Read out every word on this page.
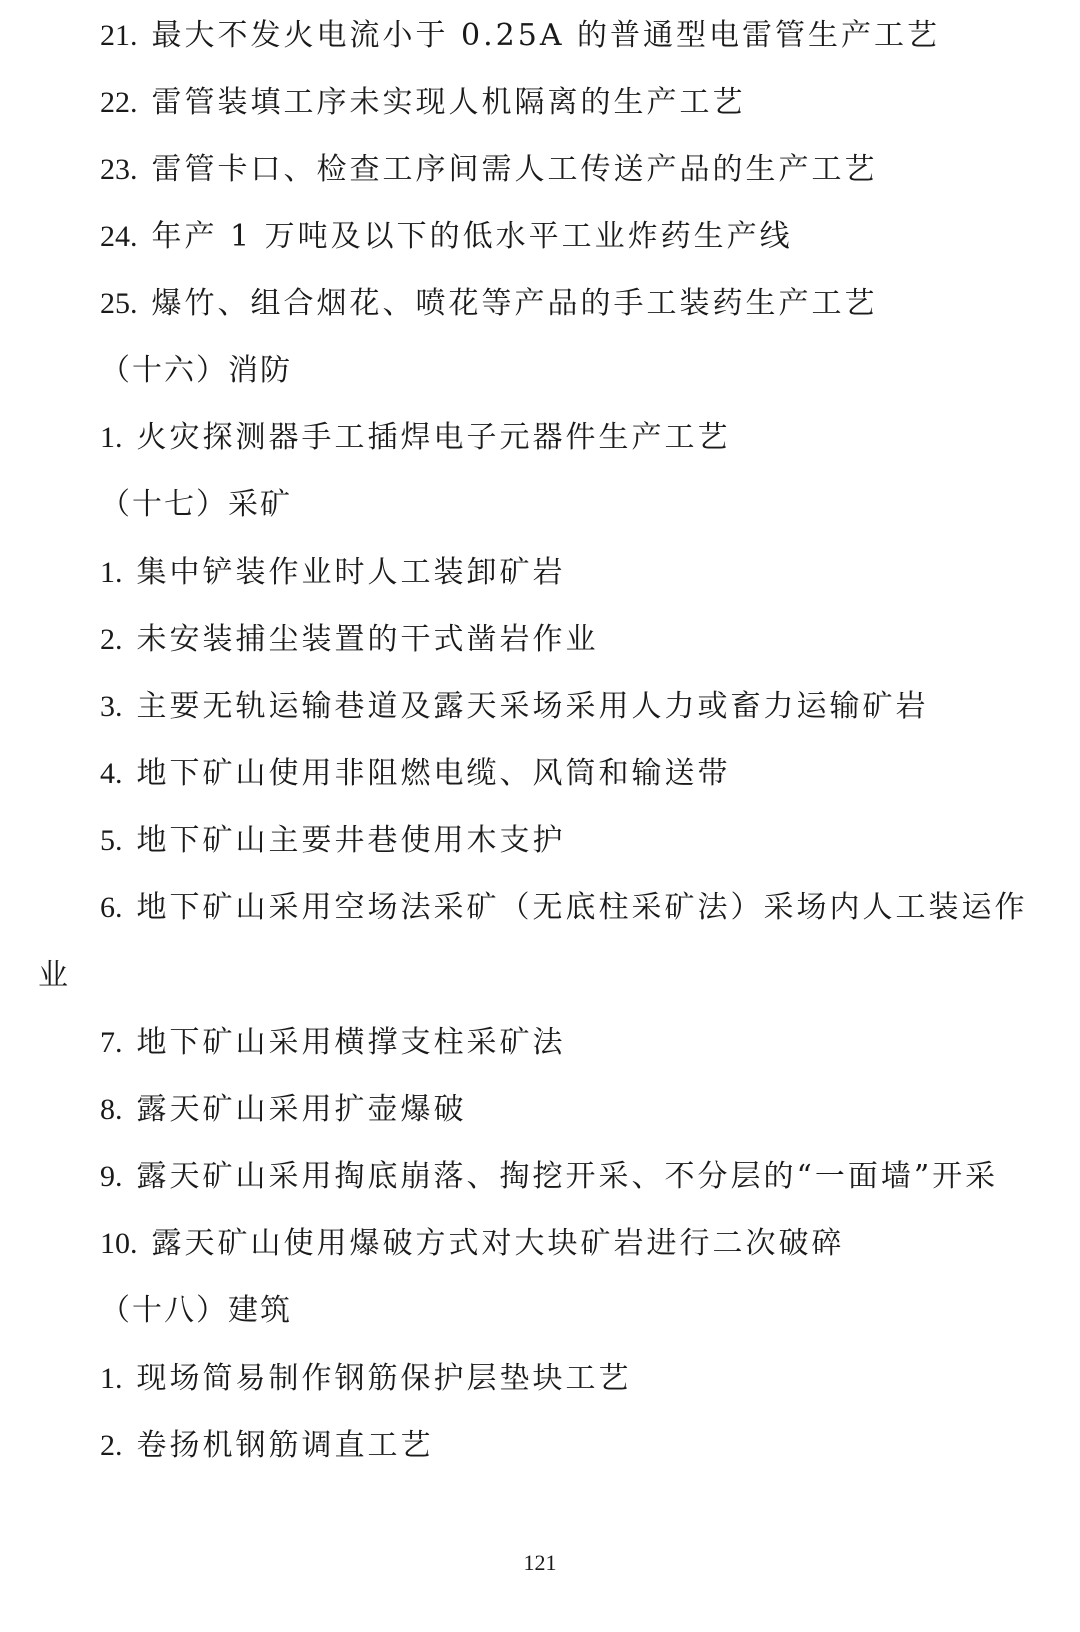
21. 最大不发火电流小于 0.25A 的普通型电雷管生产工艺
22. 雷管装填工序未实现人机隔离的生产工艺
23. 雷管卡口、检查工序间需人工传送产品的生产工艺
24. 年产 1 万吨及以下的低水平工业炸药生产线
25. 爆竹、组合烟花、喷花等产品的手工装药生产工艺
（十六）消防
1. 火灾探测器手工插焊电子元器件生产工艺
（十七）采矿
1. 集中铲装作业时人工装卸矿岩
2. 未安装捕尘装置的干式凿岩作业
3. 主要无轨运输巷道及露天采场采用人力或畜力运输矿岩
4. 地下矿山使用非阻燃电缆、风筒和输送带
5. 地下矿山主要井巷使用木支护
6. 地下矿山采用空场法采矿（无底柱采矿法）采场内人工装运作
业
7. 地下矿山采用横撑支柱采矿法
8. 露天矿山采用扩壶爆破
9. 露天矿山采用掏底崩落、掏挖开采、不分层的“一面墙”开采
10. 露天矿山使用爆破方式对大块矿岩进行二次破碎
（十八）建筑
1. 现场简易制作钢筋保护层垫块工艺
2. 卷扬机钢筋调直工艺
121
